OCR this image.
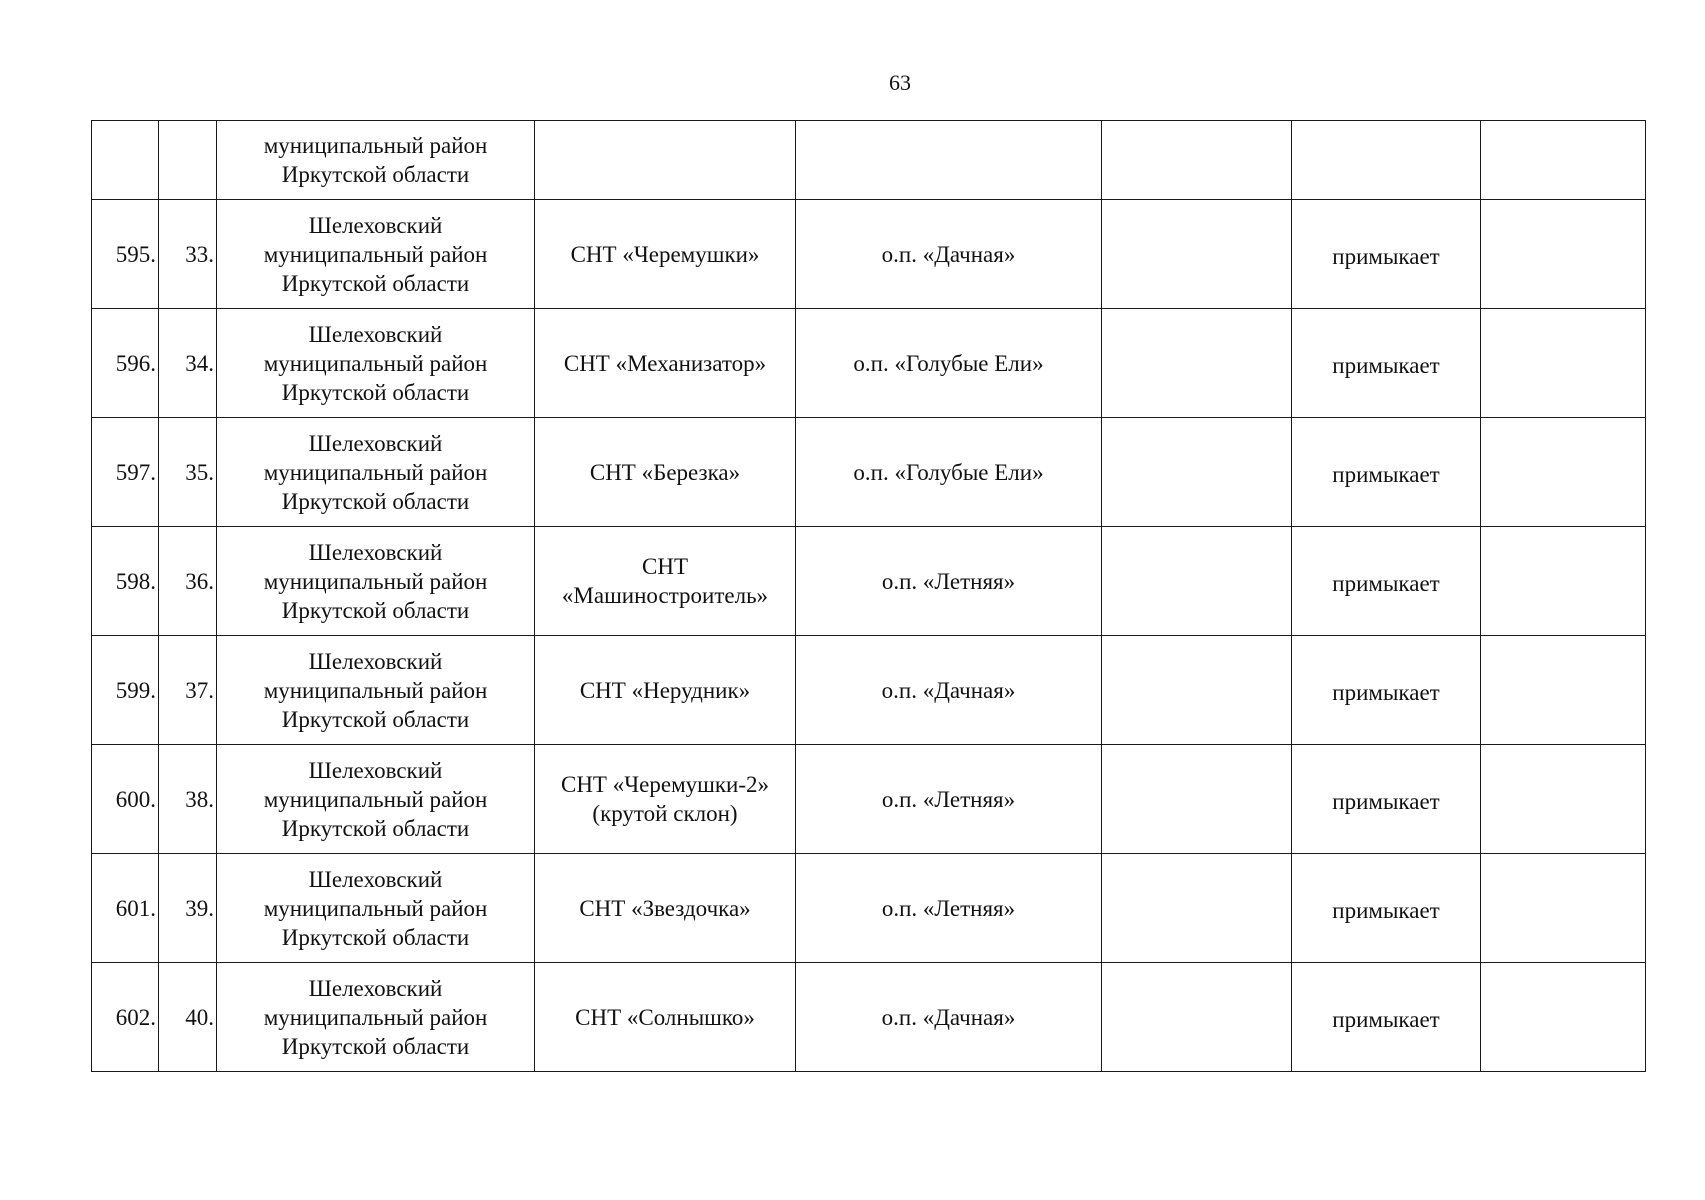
63
		муниципальный район
Иркутской области					
595.	33.	Шелеховский
муниципальный район
Иркутской области	СНТ «Черемушки»	о.п. «Дачная»		примыкает	
596.	34.	Шелеховский
муниципальный район
Иркутской области	СНТ «Механизатор»	о.п. «Голубые Ели»		примыкает	
597.	35.	Шелеховский
муниципальный район
Иркутской области	СНТ «Березка»	о.п. «Голубые Ели»		примыкает	
598.	36.	Шелеховский
муниципальный район
Иркутской области	СНТ
«Машиностроитель»	о.п. «Летняя»		примыкает	
599.	37.	Шелеховский
муниципальный район
Иркутской области	СНТ «Нерудник»	о.п. «Дачная»		примыкает	
600.	38.	Шелеховский
муниципальный район
Иркутской области	СНТ «Черемушки-2»
(крутой склон)	о.п. «Летняя»		примыкает	
601.	39.	Шелеховский
муниципальный район
Иркутской области	СНТ «Звездочка»	о.п. «Летняя»		примыкает	
602.	40.	Шелеховский
муниципальный район
Иркутской области	СНТ «Солнышко»	о.п. «Дачная»		примыкает	
